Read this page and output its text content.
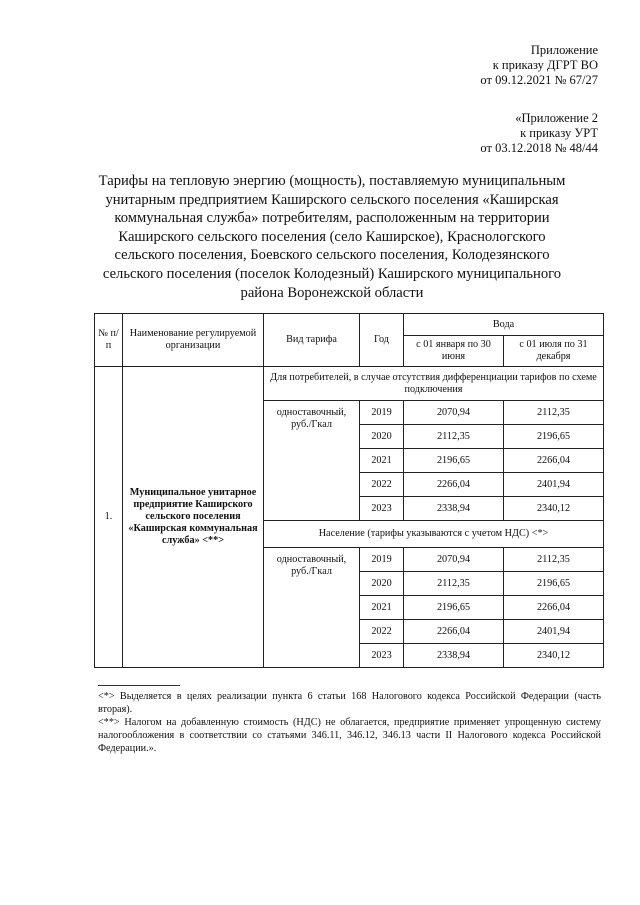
Приложение
к приказу ДГРТ ВО
от 09.12.2021 № 67/27
«Приложение 2
к приказу УРТ
от 03.12.2018 № 48/44
Тарифы на тепловую энергию (мощность), поставляемую муниципальным унитарным предприятием Каширского сельского поселения «Каширская коммунальная служба» потребителям, расположенным на территории Каширского сельского поселения (село Каширское), Краснологского сельского поселения, Боевского сельского поселения, Колодезянского сельского поселения (поселок Колодезный) Каширского муниципального района Воронежской области
№ п/п	Наименование регулируемой организации	Вид тарифа	Год	Вода	
				с 01 января по 30 июня	с 01 июля по 31 декабря
1.	Муниципальное унитарное предприятие Каширского сельского поселения «Каширская коммунальная служба» <**>	Для потребителей, в случае отсутствия дифференциации тарифов по схеме подключения			
		одноставочный, руб./Гкал	2019	2070,94	2112,35
			2020	2112,35	2196,65
			2021	2196,65	2266,04
			2022	2266,04	2401,94
			2023	2338,94	2340,12
		Население (тарифы указываются с учетом НДС) <*>			
		одноставочный, руб./Гкал	2019	2070,94	2112,35
			2020	2112,35	2196,65
			2021	2196,65	2266,04
			2022	2266,04	2401,94
			2023	2338,94	2340,12

<*> Выделяется в целях реализации пункта 6 статьи 168 Налогового кодекса Российской Федерации (часть вторая).

<**> Налогом на добавленную стоимость (НДС) не облагается, предприятие применяет упрощенную систему налогообложения в соответствии со статьями 346.11, 346.12, 346.13 части II Налогового кодекса Российской Федерации.».
